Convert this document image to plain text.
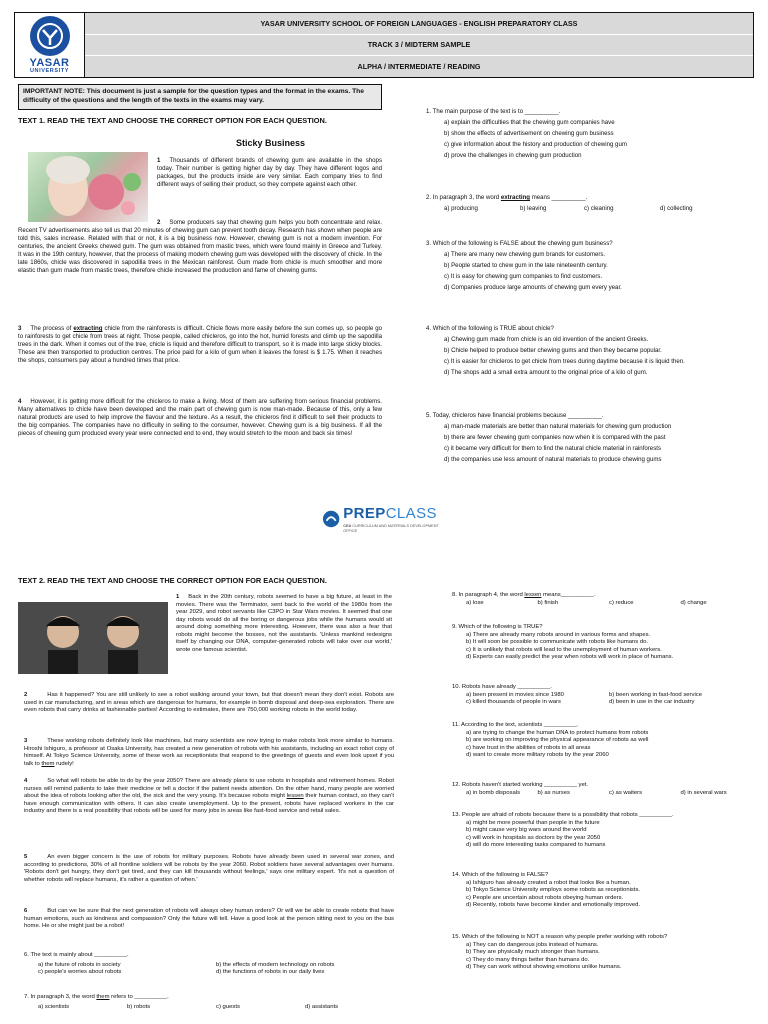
YASAR
UNIVERSITY
YASAR UNIVERSITY SCHOOL OF FOREIGN LANGUAGES - ENGLISH PREPARATORY CLASS
TRACK 3 / MIDTERM SAMPLE
ALPHA / INTERMEDIATE / READING
IMPORTANT NOTE: This document is just a sample for the question types and the format in the exams. The difficulty of the questions and the length of the texts in the exams may vary.
TEXT 1. READ THE TEXT AND CHOOSE THE CORRECT OPTION FOR EACH QUESTION.
Sticky Business
1 Thousands of different brands of chewing gum are available in the shops today. Their number is getting higher day by day. They have different logos and packages, but the products inside are very similar. Each company tries to find different ways of selling their product, so they compete against each other.
2 Some producers say that chewing gum helps you both concentrate and relax. Recent TV advertisements also tell us that 20 minutes of chewing gum can prevent tooth decay. Research has shown when people are told this, sales increase. Related with that or not, it is a big business now. However, chewing gum is not a modern invention. For centuries, the ancient Greeks chewed gum. The gum was obtained from mastic trees, which were found mainly in Greece and Turkey. It was in the 19th century, however, that the process of making modern chewing gum was developed with the discovery of chicle. In the late 1860s, chicle was discovered in sapodilla trees in the Mexican rainforest. Gum made from chicle is much smoother and more elastic than gum made from mastic trees, therefore chicle increased the production and fame of chewing gums.
3 The process of extracting chicle from the rainforests is difficult. Chicle flows more easily before the sun comes up, so people go to rainforests to get chicle from trees at night. Those people, called chicleros, go into the hot, humid forests and climb up the sapodilla trees in the dark. When it comes out of the tree, chicle is liquid and therefore difficult to transport, so it is made into large sticky blocks. These are then transported to production centres. The price paid for a kilo of gum when it leaves the forest is $ 1.75. When it reaches the shops, consumers pay about a hundred times that price.
4 However, it is getting more difficult for the chicleros to make a living. Most of them are suffering from serious financial problems. Many alternatives to chicle have been developed and the main part of chewing gum is now man-made. Because of this, only a few natural products are used to help improve the flavour and the texture. As a result, the chicleros find it difficult to sell their products to the big companies. The companies have no difficulty in selling to the consumer, however. Chewing gum is a big business. If all the pieces of chewing gum produced every year were connected end to end, they would stretch to the moon and back six times!
1. The main purpose of the text is to __________.
a) explain the difficulties that the chewing gum companies have
b) show the effects of advertisement on chewing gum business
c) give information about the history and production of chewing gum
d) prove the challenges in chewing gum production
2. In paragraph 3, the word extracting means __________.
a) producing	b) leaving	c) cleaning	d) collecting
3. Which of the following is FALSE about the chewing gum business?
a) There are many new chewing gum brands for customers.
b) People started to chew gum in the late nineteenth century.
c) It is easy for chewing gum companies to find customers.
d) Companies produce large amounts of chewing gum every year.
4. Which of the following is TRUE about chicle?
a) Chewing gum made from chicle is an old invention of the ancient Greeks.
b) Chicle helped to produce better chewing gums and then they became popular.
c) It is easier for chicleros to get chicle from trees during daytime because it is liquid then.
d) The shops add a small extra amount to the original price of a kilo of gum.
5. Today, chicleros have financial problems because __________.
a) man-made materials are better than natural materials for chewing gum production
b) there are fewer chewing gum companies now when it is compared with the past
c) it became very difficult for them to find the natural chicle material in rainforests
d) the companies use less amount of natural materials to produce chewing gums
PREPCLASS
CEA CURRICULUM AND MATERIALS DEVELOPMENT OFFICE
TEXT 2. READ THE TEXT AND CHOOSE THE CORRECT OPTION FOR EACH QUESTION.
1 Back in the 20th century, robots seemed to have a big future, at least in the movies. There was the Terminator, sent back to the world of the 1980s from the year 2029, and robot servants like C3PO in Star Wars movies. It seemed that one day robots would do all the boring or dangerous jobs while the humans would sit around doing something more interesting. However, there was also a fear that robots might become the bosses, not the assistants. 'Unless mankind redesigns itself by changing our DNA, computer-generated robots will take over our world,' wrote one famous scientist.
2	Has it happened? You are still unlikely to see a robot walking around your town, but that doesn't mean they don't exist. Robots are used in car manufacturing, and in areas which are dangerous for humans, for example in bomb disposal and deep-sea exploration. There are even robots that carry drinks at fashionable parties! According to estimates, there are 750,000 working robots in the world today.
3	These working robots definitely look like machines, but many scientists are now trying to make robots look more similar to humans. Hiroshi Ishiguro, a professor at Osaka University, has created a new generation of robots with his assistants, including an exact robot copy of himself. At Tokyo Science University, some of these work as receptionists that respond to the greetings of guests and even look upset if you talk to them rudely!
4	So what will robots be able to do by the year 2050? There are already plans to use robots in hospitals and retirement homes. Robot nurses will remind patients to take their medicine or tell a doctor if the patient needs attention. On the other hand, many people are worried about the idea of robots looking after the old, the sick and the very young. It's because robots might lessen their human contact, so they can't have enough communication with others. It can also create unemployment. Up to the present, robots have replaced workers in the car industry and there is a real possibility that robots will be used for many jobs in areas like fast-food service and retail sales.
5	An even bigger concern is the use of robots for military purposes. Robots have already been used in several war zones, and according to predictions, 30% of all frontline soldiers will be robots by the year 2060. Robot soldiers have several advantages over humans. 'Robots don't get hungry, they don't get tired, and they can kill thousands without feelings,' says one military expert. 'It's not a question of whether robots will replace humans, it's rather a question of when.'
6	But can we be sure that the next generation of robots will always obey human orders? Or will we be able to create robots that have human emotions, such as kindness and compassion? Only the future will tell. Have a good look at the person sitting next to you on the bus home. He or she might just be a robot!
6. The text is mainly about __________.
a) the future of robots in society	b) the effects of modern technology on robots
c) people's worries about robots	d) the functions of robots in our daily lives
7. In paragraph 3, the word them refers to __________.
a) scientists	b) robots	c) guests	d) assistants
8. In paragraph 4, the word lessen means__________.
a) lose	b) finish	c) reduce	d) change
9. Which of the following is TRUE?
a) There are already many robots around in various forms and shapes.
b) It will soon be possible to communicate with robots like humans do.
c) It is unlikely that robots will lead to the unemployment of human workers.
d) Experts can easily predict the year when robots will work in place of humans.
10. Robots have already __________.
a) been present in movies since 1980	b) been working in fast-food service
c) killed thousands of people in wars	d) been in use in the car industry
11. According to the text, scientists __________.
a) are trying to change the human DNA to protect humans from robots
b) are working on improving the physical appearance of robots as well
c) have trust in the abilities of robots in all areas
d) want to create more military robots by the year 2060
12. Robots haven't started working __________ yet.
a) in bomb disposals	b) as nurses	c) as waiters	d) in several wars
13. People are afraid of robots because there is a possibility that robots __________.
a) might be more powerful than people in the future
b) might cause very big wars around the world
c) will work in hospitals as doctors by the year 2050
d) will do more interesting tasks compared to humans
14. Which of the following is FALSE?
a) Ishiguro has already created a robot that looks like a human.
b) Tokyo Science University employs some robots as receptionists.
c) People are uncertain about robots obeying human orders.
d) Recently, robots have become kinder and emotionally improved.
15. Which of the following is NOT a reason why people prefer working with robots?
a) They can do dangerous jobs instead of humans.
b) They are physically much stronger than humans.
c) They do many things better than humans do.
d) They can work without showing emotions unlike humans.
